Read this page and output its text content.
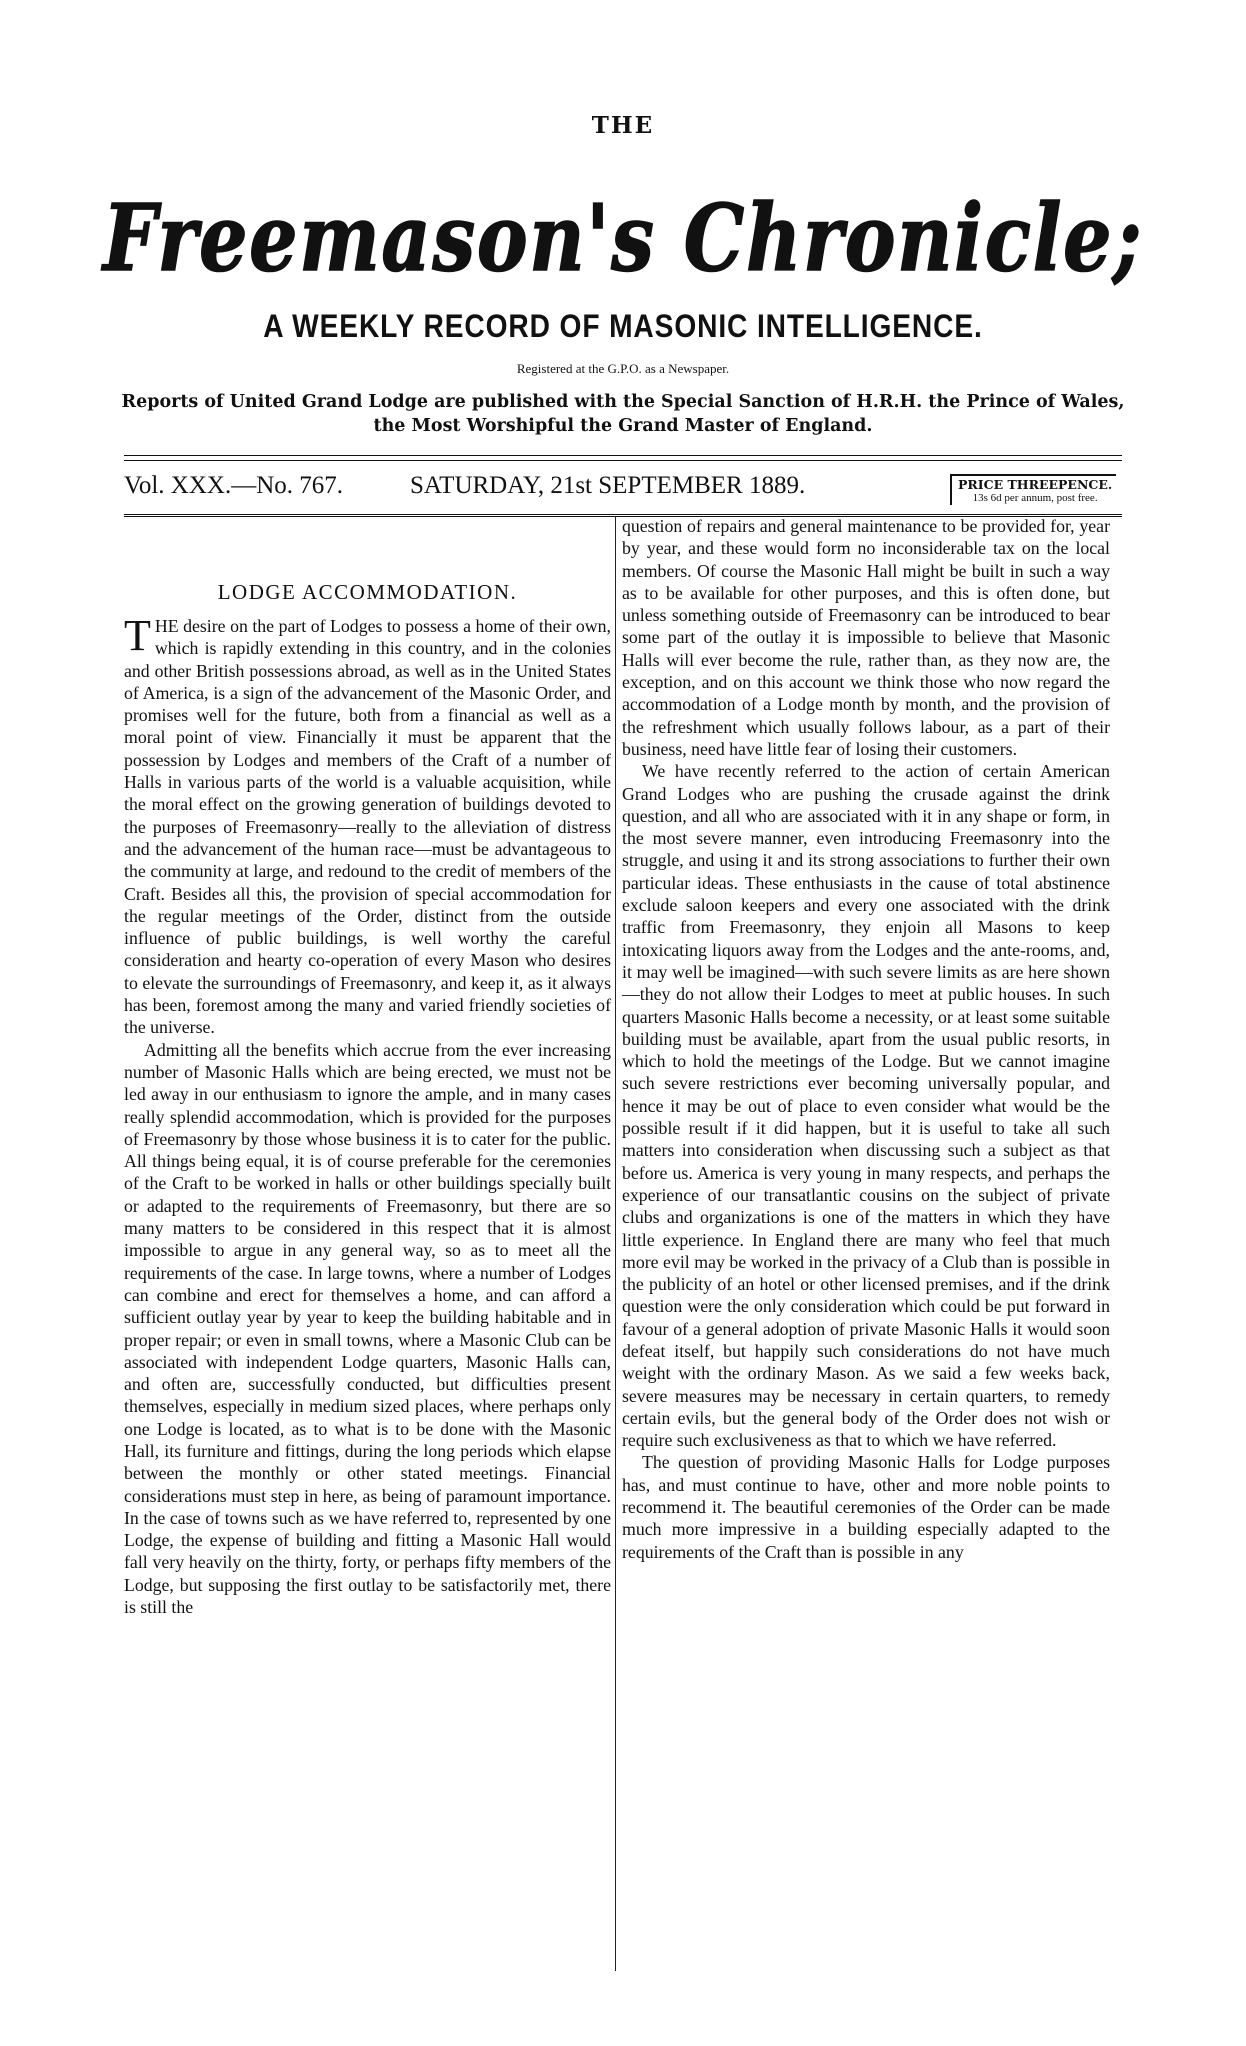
THE
Freemason's Chronicle;
A WEEKLY RECORD OF MASONIC INTELLIGENCE.
Registered at the G.P.O. as a Newspaper.
Reports of United Grand Lodge are published with the Special Sanction of H.R.H. the Prince of Wales,
the Most Worshipful the Grand Master of England.
Vol. XXX.—No. 767.	SATURDAY, 21st SEPTEMBER 1889.	PRICE THREEPENCE.
13s 6d per annum, post free.
LODGE ACCOMMODATION.

THE desire on the part of Lodges to possess a home of their own, which is rapidly extending in this country, and in the colonies and other British possessions abroad, as well as in the United States of America, is a sign of the advancement of the Masonic Order, and promises well for the future, both from a financial as well as a moral point of view. Financially it must be apparent that the possession by Lodges and members of the Craft of a number of Halls in various parts of the world is a valuable acquisition, while the moral effect on the growing generation of buildings devoted to the purposes of Freemasonry—really to the alleviation of distress and the advancement of the human race—must be advantageous to the community at large, and redound to the credit of members of the Craft. Besides all this, the provision of special accommodation for the regular meetings of the Order, distinct from the outside influence of public buildings, is well worthy the careful consideration and hearty co-operation of every Mason who desires to elevate the surroundings of Freemasonry, and keep it, as it always has been, foremost among the many and varied friendly societies of the universe.

Admitting all the benefits which accrue from the ever increasing number of Masonic Halls which are being erected, we must not be led away in our enthusiasm to ignore the ample, and in many cases really splendid accommodation, which is provided for the purposes of Freemasonry by those whose business it is to cater for the public. All things being equal, it is of course preferable for the ceremonies of the Craft to be worked in halls or other buildings specially built or adapted to the requirements of Freemasonry, but there are so many matters to be considered in this respect that it is almost impossible to argue in any general way, so as to meet all the requirements of the case. In large towns, where a number of Lodges can combine and erect for themselves a home, and can afford a sufficient outlay year by year to keep the building habitable and in proper repair; or even in small towns, where a Masonic Club can be associated with independent Lodge quarters, Masonic Halls can, and often are, successfully conducted, but difficulties present themselves, especially in medium sized places, where perhaps only one Lodge is located, as to what is to be done with the Masonic Hall, its furniture and fittings, during the long periods which elapse between the monthly or other stated meetings. Financial considerations must step in here, as being of paramount importance. In the case of towns such as we have referred to, represented by one Lodge, the expense of building and fitting a Masonic Hall would fall very heavily on the thirty, forty, or perhaps fifty members of the Lodge, but supposing the first outlay to be satisfactorily met, there is still the

question of repairs and general maintenance to be provided for, year by year, and these would form no inconsiderable tax on the local members. Of course the Masonic Hall might be built in such a way as to be available for other purposes, and this is often done, but unless something outside of Freemasonry can be introduced to bear some part of the outlay it is impossible to believe that Masonic Halls will ever become the rule, rather than, as they now are, the exception, and on this account we think those who now regard the accommodation of a Lodge month by month, and the provision of the refreshment which usually follows labour, as a part of their business, need have little fear of losing their customers.

We have recently referred to the action of certain American Grand Lodges who are pushing the crusade against the drink question, and all who are associated with it in any shape or form, in the most severe manner, even introducing Freemasonry into the struggle, and using it and its strong associations to further their own particular ideas. These enthusiasts in the cause of total abstinence exclude saloon keepers and every one associated with the drink traffic from Freemasonry, they enjoin all Masons to keep intoxicating liquors away from the Lodges and the ante-rooms, and, it may well be imagined—with such severe limits as are here shown—they do not allow their Lodges to meet at public houses. In such quarters Masonic Halls become a necessity, or at least some suitable building must be available, apart from the usual public resorts, in which to hold the meetings of the Lodge. But we cannot imagine such severe restrictions ever becoming universally popular, and hence it may be out of place to even consider what would be the possible result if it did happen, but it is useful to take all such matters into consideration when discussing such a subject as that before us. America is very young in many respects, and perhaps the experience of our transatlantic cousins on the subject of private clubs and organizations is one of the matters in which they have little experience. In England there are many who feel that much more evil may be worked in the privacy of a Club than is possible in the publicity of an hotel or other licensed premises, and if the drink question were the only consideration which could be put forward in favour of a general adoption of private Masonic Halls it would soon defeat itself, but happily such considerations do not have much weight with the ordinary Mason. As we said a few weeks back, severe measures may be necessary in certain quarters, to remedy certain evils, but the general body of the Order does not wish or require such exclusiveness as that to which we have referred.

The question of providing Masonic Halls for Lodge purposes has, and must continue to have, other and more noble points to recommend it. The beautiful ceremonies of the Order can be made much more impressive in a building especially adapted to the requirements of the Craft than is possible in any
